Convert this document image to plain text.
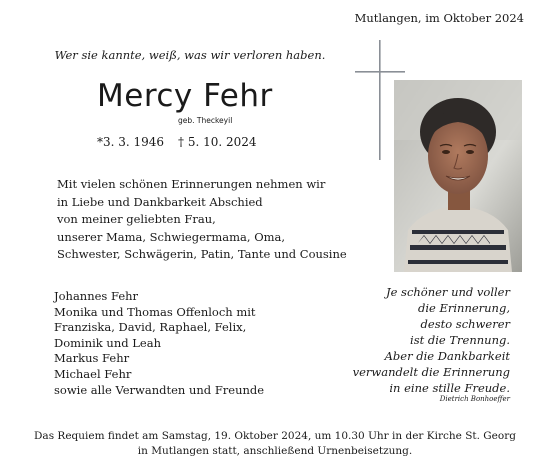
Mutlangen, im Oktober 2024
Wer sie kannte, weiß, was wir verloren haben.
Mercy Fehr
geb. Theckeyil
*3. 3. 1946 † 5. 10. 2024
Mit vielen schönen Erinnerungen nehmen wir
in Liebe und Dankbarkeit Abschied
von meiner geliebten Frau,
unserer Mama, Schwiegermama, Oma,
Schwester, Schwägerin, Patin, Tante und Cousine
Johannes Fehr
Monika und Thomas Offenloch mit
Franziska, David, Raphael, Felix,
Dominik und Leah
Markus Fehr
Michael Fehr
sowie alle Verwandten und Freunde
Je schöner und voller
die Erinnerung,
desto schwerer
ist die Trennung.
Aber die Dankbarkeit
verwandelt die Erinnerung
in eine stille Freude.
Dietrich Bonhoeffer
Das Requiem findet am Samstag, 19. Oktober 2024, um 10.30 Uhr in der Kirche St. Georg
in Mutlangen statt, anschließend Urnenbeisetzung.
